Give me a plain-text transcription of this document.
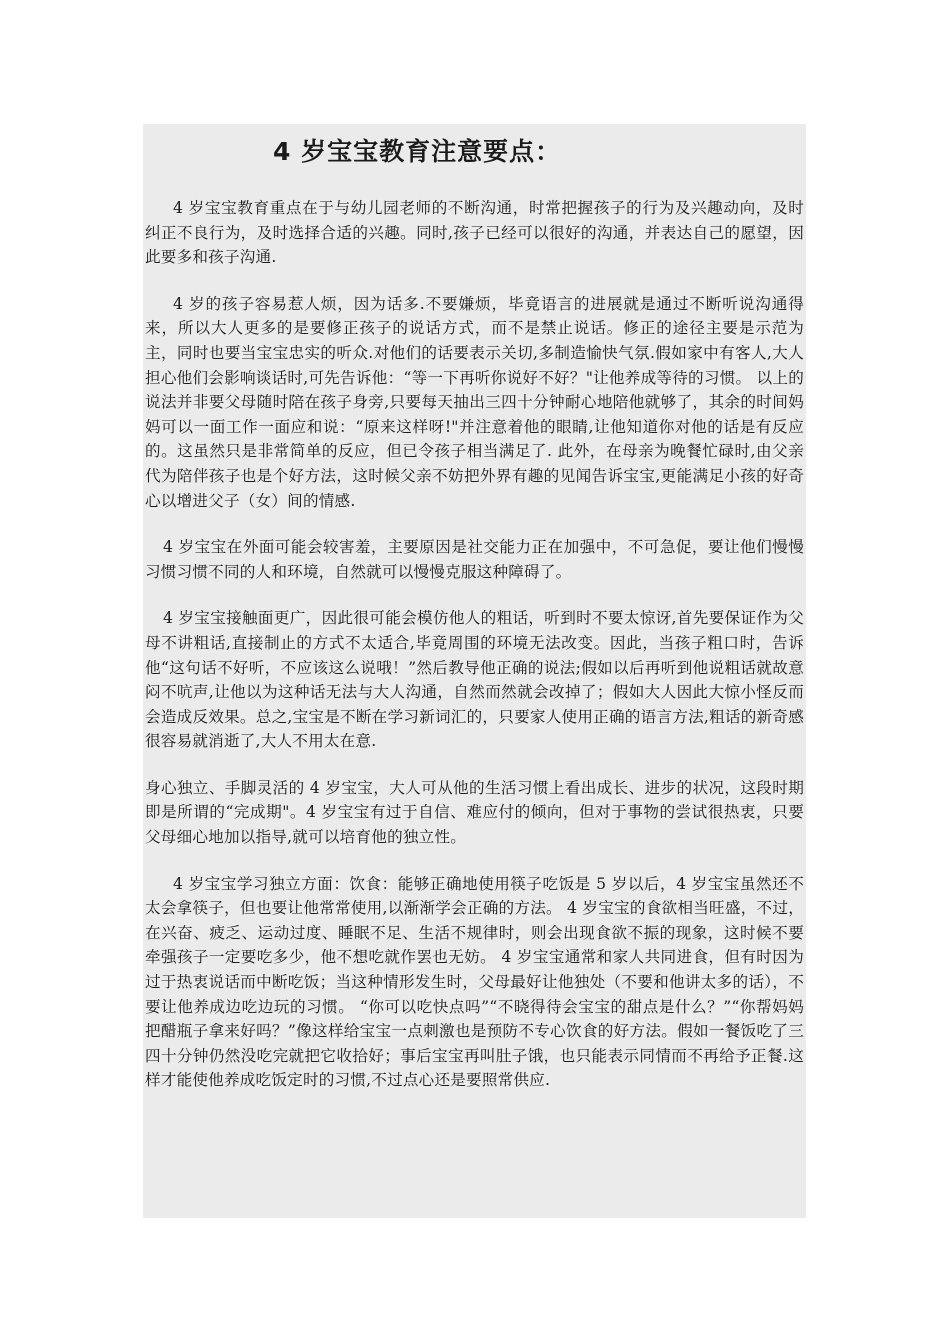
4 岁宝宝教育注意要点：

4 岁宝宝教育重点在于与幼儿园老师的不断沟通，时常把握孩子的行为及兴趣动向，及时纠正不良行为，及时选择合适的兴趣。同时,孩子已经可以很好的沟通，并表达自己的愿望，因此要多和孩子沟通.

4 岁的孩子容易惹人烦，因为话多.不要嫌烦，毕竟语言的进展就是通过不断听说沟通得来，所以大人更多的是要修正孩子的说话方式，而不是禁止说话。修正的途径主要是示范为主，同时也要当宝宝忠实的听众.对他们的话要表示关切,多制造愉快气氛.假如家中有客人,大人担心他们会影响谈话时,可先告诉他：“等一下再听你说好不好？"让他养成等待的习惯。 以上的说法并非要父母随时陪在孩子身旁,只要每天抽出三四十分钟耐心地陪他就够了，其余的时间妈妈可以一面工作一面应和说：“原来这样呀!"并注意着他的眼睛,让他知道你对他的话是有反应的。这虽然只是非常简单的反应，但已令孩子相当满足了. 此外，在母亲为晚餐忙碌时,由父亲代为陪伴孩子也是个好方法，这时候父亲不妨把外界有趣的见闻告诉宝宝,更能满足小孩的好奇心以增进父子（女）间的情感.

4 岁宝宝在外面可能会较害羞，主要原因是社交能力正在加强中，不可急促，要让他们慢慢习惯习惯不同的人和环境，自然就可以慢慢克服这种障碍了。

4 岁宝宝接触面更广，因此很可能会模仿他人的粗话，听到时不要太惊讶,首先要保证作为父母不讲粗话,直接制止的方式不太适合,毕竟周围的环境无法改变。因此，当孩子粗口时，告诉他“这句话不好听，不应该这么说哦！”然后教导他正确的说法;假如以后再听到他说粗话就故意闷不吭声,让他以为这种话无法与大人沟通，自然而然就会改掉了；假如大人因此大惊小怪反而会造成反效果。总之,宝宝是不断在学习新词汇的，只要家人使用正确的语言方法,粗话的新奇感很容易就消逝了,大人不用太在意.

身心独立、手脚灵活的 4 岁宝宝，大人可从他的生活习惯上看出成长、进步的状况，这段时期即是所谓的“完成期"。4 岁宝宝有过于自信、难应付的倾向，但对于事物的尝试很热衷，只要父母细心地加以指导,就可以培育他的独立性。

4 岁宝宝学习独立方面：饮食：能够正确地使用筷子吃饭是 5 岁以后，4 岁宝宝虽然还不太会拿筷子，但也要让他常常使用,以渐渐学会正确的方法。 4 岁宝宝的食欲相当旺盛，不过，在兴奋、疲乏、运动过度、睡眠不足、生活不规律时，则会出现食欲不振的现象，这时候不要牵强孩子一定要吃多少，他不想吃就作罢也无妨。 4 岁宝宝通常和家人共同进食，但有时因为过于热衷说话而中断吃饭；当这种情形发生时，父母最好让他独处（不要和他讲太多的话），不要让他养成边吃边玩的习惯。 “你可以吃快点吗”“不晓得待会宝宝的甜点是什么？”“你帮妈妈把醋瓶子拿来好吗？”像这样给宝宝一点刺激也是预防不专心饮食的好方法。假如一餐饭吃了三四十分钟仍然没吃完就把它收拾好；事后宝宝再叫肚子饿，也只能表示同情而不再给予正餐.这样才能使他养成吃饭定时的习惯,不过点心还是要照常供应.
